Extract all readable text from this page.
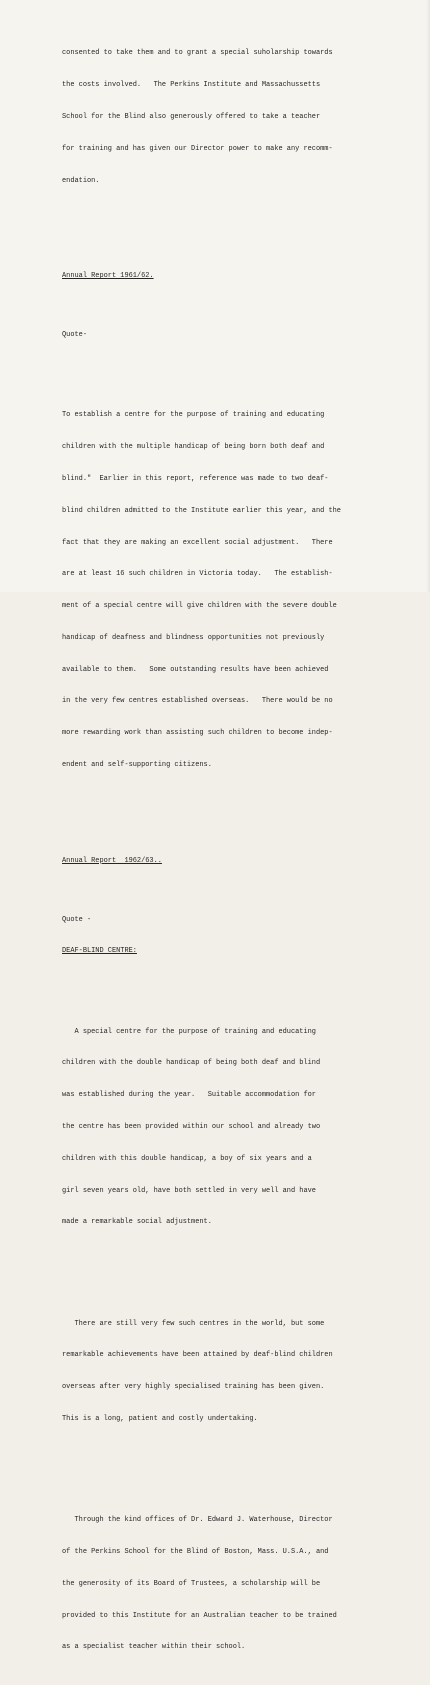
consented to take them and to grant a special suholarship towards

the costs involved.   The Perkins Institute and Massachussetts

School for the Blind also generously offered to take a teacher

for training and has given our Director power to make any recomm-

endation.

Annual Report 1961/62.

Quote-

To establish a centre for the purpose of training and educating

children with the multiple handicap of being born both deaf and

blind."  Earlier in this report, reference was made to two deaf-

blind children admitted to the Institute earlier this year, and the

fact that they are making an excellent social adjustment.   There

are at least 16 such children in Victoria today.   The establish-

ment of a special centre will give children with the severe double

handicap of deafness and blindness opportunities not previously

available to them.   Some outstanding results have been achieved

in the very few centres established overseas.   There would be no

more rewarding work than assisting such children to become indep-

endent and self-supporting citizens.

Annual Report  1962/63..

Quote -

DEAF-BLIND CENTRE:

A special centre for the purpose of training and educating

children with the double handicap of being both deaf and blind

was established during the year.   Suitable accommodation for

the centre has been provided within our school and already two

children with this double handicap, a boy of six years and a

girl seven years old, have both settled in very well and have

made a remarkable social adjustment.

There are still very few such centres in the world, but some

remarkable achievements have been attained by deaf-blind children

overseas after very highly specialised training has been given.

This is a long, patient and costly undertaking.

Through the kind offices of Dr. Edward J. Waterhouse, Director

of the Perkins School for the Blind of Boston, Mass. U.S.A., and

the generosity of its Board of Trustees, a scholarship will be

provided to this Institute for an Australian teacher to be trained

as a specialist teacher within their school.
